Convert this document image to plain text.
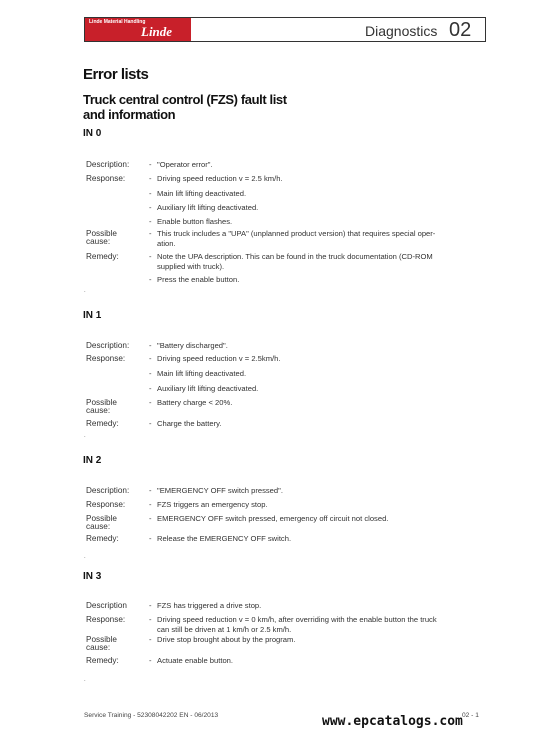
Linde Material Handling
Linde	Diagnostics 02
Error lists
Truck central control (FZS) fault list
and information
IN 0
Description:	- "Operator error".
Response:	- Driving speed reduction v = 2.5 km/h.
- Main lift lifting deactivated.
- Auxiliary lift lifting deactivated.
- Enable button flashes.
Possible
cause:
- This truck includes a "UPA" (unplanned product version) that requires special oper-
ation.
Remedy:	- Note the UPA description. This can be found in the truck documentation (CD-ROM
supplied with truck).
- Press the enable button.
.
IN 1
Description:	- "Battery discharged".
Response:	- Driving speed reduction v = 2.5km/h.
- Main lift lifting deactivated.
- Auxiliary lift lifting deactivated.
Possible
cause:
- Battery charge < 20%.
Remedy:	- Charge the battery.
.
IN 2
Description:	- "EMERGENCY OFF switch pressed".
Response:	- FZS triggers an emergency stop.
Possible
cause:
- EMERGENCY OFF switch pressed, emergency off circuit not closed.
Remedy:	- Release the EMERGENCY OFF switch.
.
IN 3
Description	- FZS has triggered a drive stop.
Response:	- Driving speed reduction v = 0 km/h, after overriding with the enable button the truck
can still be driven at 1 km/h or 2.5 km/h.
Possible
cause:
- Drive stop brought about by the program.
Remedy:	- Actuate enable button.
.
Service Training - 52308042202 EN - 06/2013	www.epcatalogs.com 02 - 1
